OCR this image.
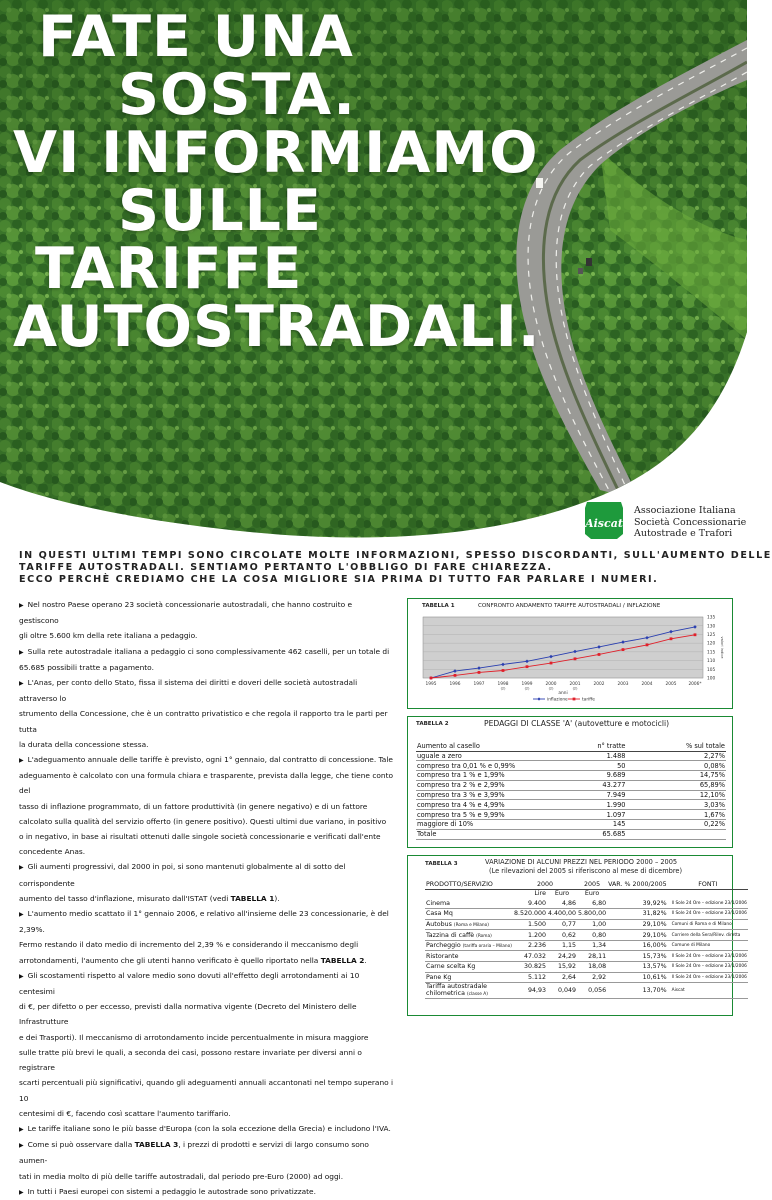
FATE UNA
SOSTA.
VI INFORMIAMO
SULLE
TARIFFE
AUTOSTRADALI.
Aiscat
Associazione Italiana
Società Concessionarie
Autostrade e Trafori
IN QUESTI ULTIMI TEMPI SONO CIRCOLATE MOLTE INFORMAZIONI, SPESSO DISCORDANTI, SULL'AUMENTO DELLE
TARIFFE AUTOSTRADALI. SENTIAMO PERTANTO L'OBBLIGO DI FARE CHIAREZZA.
ECCO PERCHÈ CREDIAMO CHE LA COSA MIGLIORE SIA PRIMA DI TUTTO FAR PARLARE I NUMERI.

▶ Nel nostro Paese operano 23 società concessionarie autostradali, che hanno costruito e gestiscono

gli oltre 5.600 km della rete italiana a pedaggio.

▶ Sulla rete autostradale italiana a pedaggio ci sono complessivamente 462 caselli, per un totale di

65.685 possibili tratte a pagamento.

▶ L'Anas, per conto dello Stato, fissa il sistema dei diritti e doveri delle società autostradali attraverso lo

strumento della Concessione, che è un contratto privatistico e che regola il rapporto tra le parti per tutta

la durata della concessione stessa.

▶ L'adeguamento annuale delle tariffe è previsto, ogni 1° gennaio, dal contratto di concessione. Tale

adeguamento è calcolato con una formula chiara e trasparente, prevista dalla legge, che tiene conto del

tasso di inflazione programmato, di un fattore produttività (in genere negativo) e di un fattore

calcolato sulla qualità del servizio offerto (in genere positivo). Questi ultimi due variano, in positivo

o in negativo, in base ai risultati ottenuti dalle singole società concessionarie e verificati dall'ente

concedente Anas.

▶ Gli aumenti progressivi, dal 2000 in poi, si sono mantenuti globalmente al di sotto del corrispondente

aumento del tasso d'inflazione, misurato dall'ISTAT (vedi TABELLA 1).

▶ L'aumento medio scattato il 1° gennaio 2006, e relativo all'insieme delle 23 concessionarie, è del 2,39%.

Fermo restando il dato medio di incremento del 2,39 % e considerando il meccanismo degli

arrotondamenti, l'aumento che gli utenti hanno verificato è quello riportato nella TABELLA 2.

▶ Gli scostamenti rispetto al valore medio sono dovuti all'effetto degli arrotondamenti ai 10 centesimi

di €, per difetto o per eccesso, previsti dalla normativa vigente (Decreto del Ministero delle Infrastrutture

e dei Trasporti). Il meccanismo di arrotondamento incide percentualmente in misura maggiore

sulle tratte più brevi le quali, a seconda dei casi, possono restare invariate per diversi anni o registrare

scarti percentuali più significativi, quando gli adeguamenti annuali accantonati nel tempo superano i 10

centesimi di €, facendo così scattare l'aumento tariffario.

▶ Le tariffe italiane sono le più basse d'Europa (con la sola eccezione della Grecia) e includono l'IVA.

▶ Come si può osservare dalla TABELLA 3, i prezzi di prodotti e servizi di largo consumo sono aumen-

tati in media molto di più delle tariffe autostradali, dal periodo pre-Euro (2000) ad oggi.

▶ In tutti i Paesi europei con sistemi a pedaggio le autostrade sono privatizzate.

TABELLA 1	CONFRONTO ANDAMENTO TARIFFE AUTOSTRADALI / INFLAZIONE
100
105
110
115
120
125
130
135
valori indice
1995	1996	1997	1998
(2)
1999
(2)
2000
(2)
2001
(2)
2002	2003	2004	2005	2006*
anni
inflazione	tariffe
TABELLA 2	PEDAGGI DI CLASSE 'A' (autovetture e motocicli)
Aumento al casello	n° tratte	% sul totale
uguale a zero	1.488	2,27%
compreso tra 0,01 % e 0,99%	50	0,08%
compreso tra 1 % e 1,99%	9.689	14,75%
compreso tra 2 % e 2,99%	43.277	65,89%
compreso tra 3 % e 3,99%	7.949	12,10%
compreso tra 4 % e 4,99%	1.990	3,03%
compreso tra 5 % e 9,99%	1.097	1,67%
maggiore di 10%	145	0,22%
Totale	65.685	
TABELLA 3	VARIAZIONE DI ALCUNI PREZZI NEL PERIODO 2000 – 2005
(Le rilevazioni del 2005 si riferiscono al mese di dicembre)
PRODOTTO/SERVIZIO	2000		2005	VAR. % 2000/2005	FONTI
	Lire	Euro	Euro		
Cinema	9.400	4,86	6,80	39,92%	Il Sole 24 Ore – edizione 23/1/2006
Casa Mq	8.520.000	4.400,00	5.800,00	31,82%	Il Sole 24 Ore – edizione 23/1/2006
Autobus (Roma e Milano)	1.500	0,77	1,00	29,10%	Comuni di Roma e di Milano
Tazzina di caffè (Roma)	1.200	0,62	0,80	29,10%	Corriere della Sera/Rilev. diretta
Parcheggio (tariffa oraria – Milano)	2.236	1,15	1,34	16,00%	Comune di Milano
Ristorante	47.032	24,29	28,11	15,73%	Il Sole 24 Ore – edizione 23/1/2006
Carne scelta Kg	30.825	15,92	18,08	13,57%	Il Sole 24 Ore – edizione 23/1/2006
Pane Kg	5.112	2,64	2,92	10,61%	Il Sole 24 Ore – edizione 23/1/2006
Tariffa autostradale chilometrica (classe A)	94,93	0,049	0,056	13,70%	Aiscat
